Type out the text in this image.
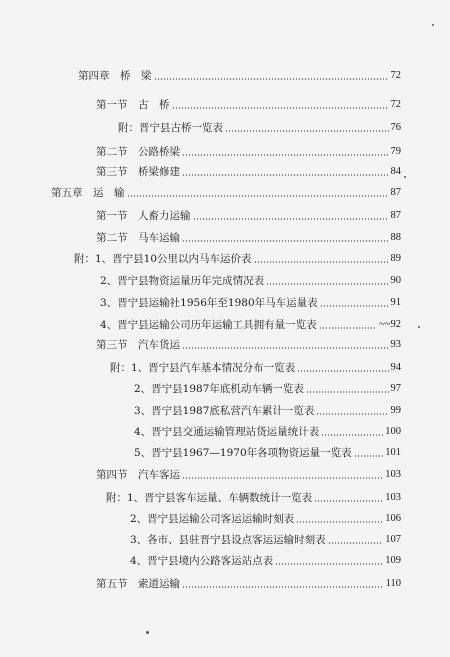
第四章　桥　梁	72
第一节　古　桥	72
附：晋宁县古桥一览表	76
第二节　公路桥梁	79
第三节　桥梁修建	84
第五章　运　输	87
第一节　人畜力运输	87
第二节　马车运输	88
附：1、晋宁县10公里以内马车运价表	89
2、晋宁县物资运量历年完成情况表	90
3、晋宁县运输社1956年至1980年马车运量表	91
4、晋宁县运输公司历年运输工具拥有量一览表	~~92
第三节　汽车货运	93
附：1、晋宁县汽车基本情况分布一览表	94
2、晋宁县1987年底机动车辆一览表	97
3、晋宁县1987底私营汽车累计一览表	99
4、晋宁县交通运输管理站货运量统计表	100
5、晋宁县1967—1970年各项物资运量一览表	101
第四节　汽车客运	103
附：1、晋宁县客车运量、车辆数统计一览表	103
2、晋宁县运输公司客运运输时刻表	106
3、各市、县驻晋宁县设点客运运输时刻表	107
4、晋宁县境内公路客运站点表	109
第五节　索道运输	110
